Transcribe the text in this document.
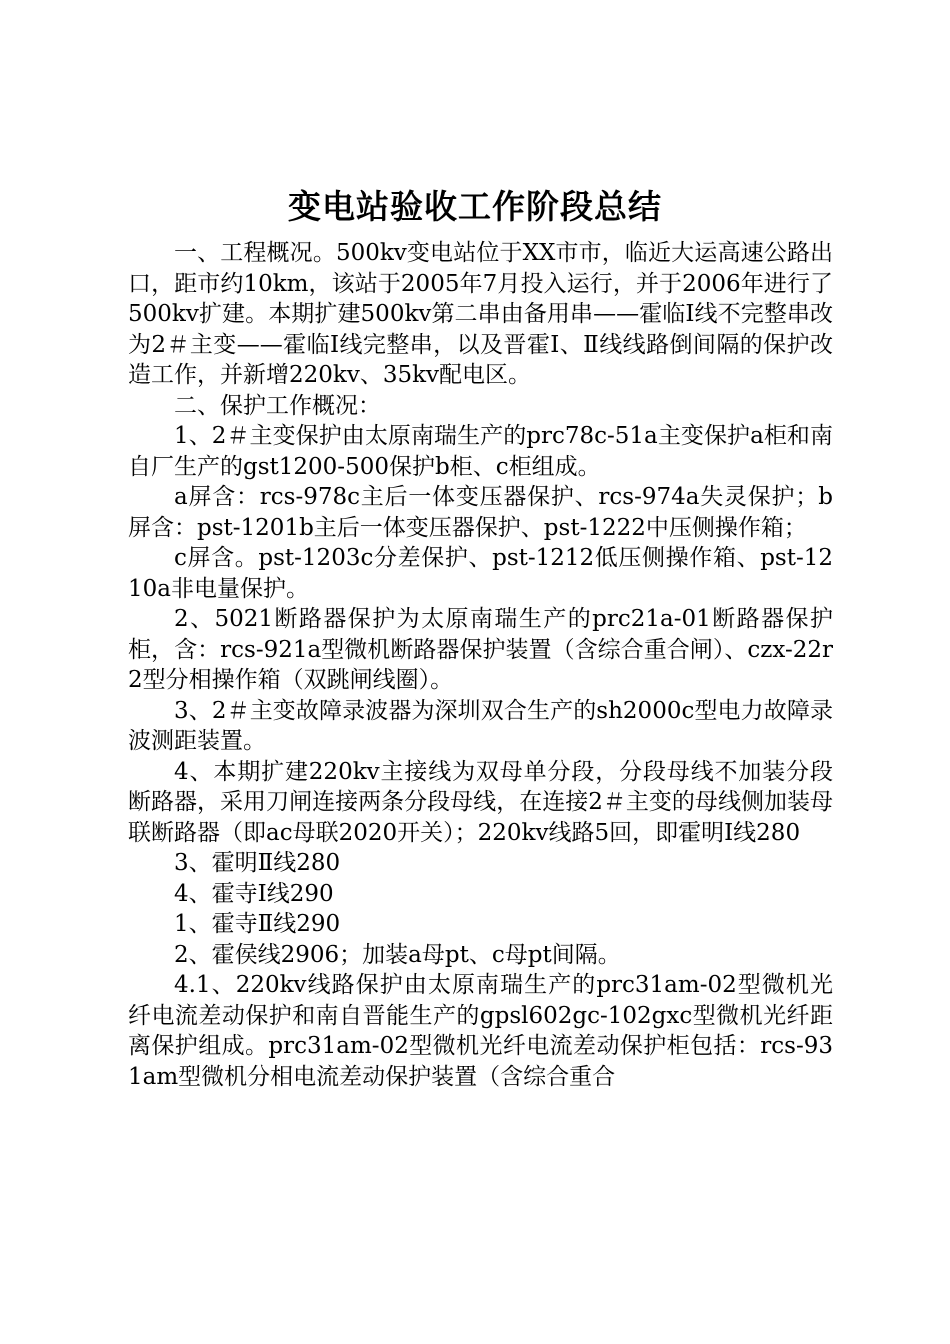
变电站验收工作阶段总结

一、工程概况。500kv变电站位于XX市市，临近大运高速公路出口，距市约10km，该站于2005年7月投入运行，并于2006年进行了500kv扩建。本期扩建500kv第二串由备用串——霍临Ⅰ线不完整串改为2＃主变——霍临Ⅰ线完整串，以及晋霍Ⅰ、Ⅱ线线路倒间隔的保护改造工作，并新增220kv、35kv配电区。

二、保护工作概况：

1、2＃主变保护由太原南瑞生产的prc78c-51a主变保护a柜和南自厂生产的gst1200-500保护b柜、c柜组成。

a屏含：rcs-978c主后一体变压器保护、rcs-974a失灵保护；b屏含：pst-1201b主后一体变压器保护、pst-1222中压侧操作箱；

c屏含。pst-1203c分差保护、pst-1212低压侧操作箱、pst-1210a非电量保护。

2、5021断路器保护为太原南瑞生产的prc21a-01断路器保护柜，含：rcs-921a型微机断路器保护装置（含综合重合闸）、czx-22r2型分相操作箱（双跳闸线圈）。

3、2＃主变故障录波器为深圳双合生产的sh2000c型电力故障录波测距装置。

4、本期扩建220kv主接线为双母单分段，分段母线不加装分段断路器，采用刀闸连接两条分段母线，在连接2＃主变的母线侧加装母联断路器（即ac母联2020开关）；220kv线路5回，即霍明Ⅰ线280

3、霍明Ⅱ线280

4、霍寺Ⅰ线290

1、霍寺Ⅱ线290

2、霍侯线2906；加装a母pt、c母pt间隔。

4.1、220kv线路保护由太原南瑞生产的prc31am-02型微机光纤电流差动保护和南自晋能生产的gpsl602gc-102gxc型微机光纤距离保护组成。prc31am-02型微机光纤电流差动保护柜包括：rcs-931am型微机分相电流差动保护装置（含综合重合
